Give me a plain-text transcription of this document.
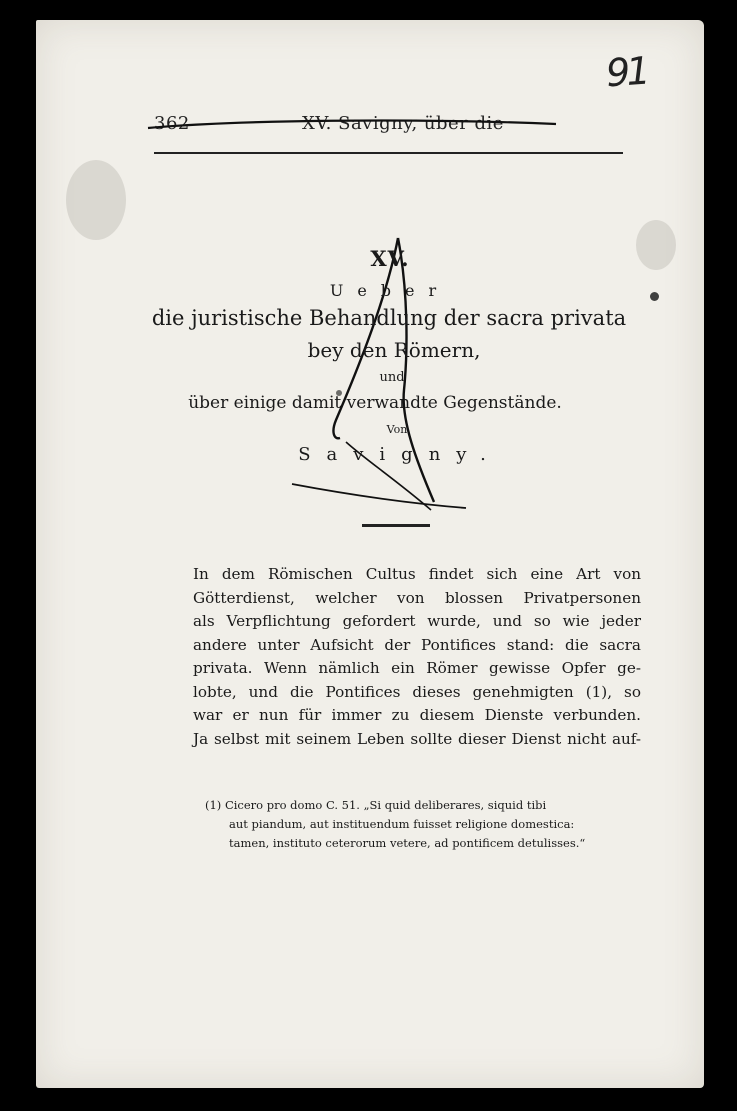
91
362	XV. Savigny, über die
XV.
Ueber
die juristische Behandlung der sacra privata
bey den Römern,
und
über einige damit verwandte Gegenstände.
Von
Savigny.
In dem Römischen Cultus findet sich eine Art von
Götterdienst, welcher von blossen Privatpersonen
als Verpflichtung gefordert wurde, und so wie jeder
andere unter Aufsicht der Pontifices stand: die sacra
privata. Wenn nämlich ein Römer gewisse Opfer ge-
lobte, und die Pontifices dieses genehmigten (1), so
war er nun für immer zu diesem Dienste verbunden.
Ja selbst mit seinem Leben sollte dieser Dienst nicht auf-
(1) Cicero pro domo C. 51. „Si quid deliberares, siquid tibi
aut piandum, aut instituendum fuisset religione domestica:
tamen, instituto ceterorum vetere, ad pontificem detulisses.“
